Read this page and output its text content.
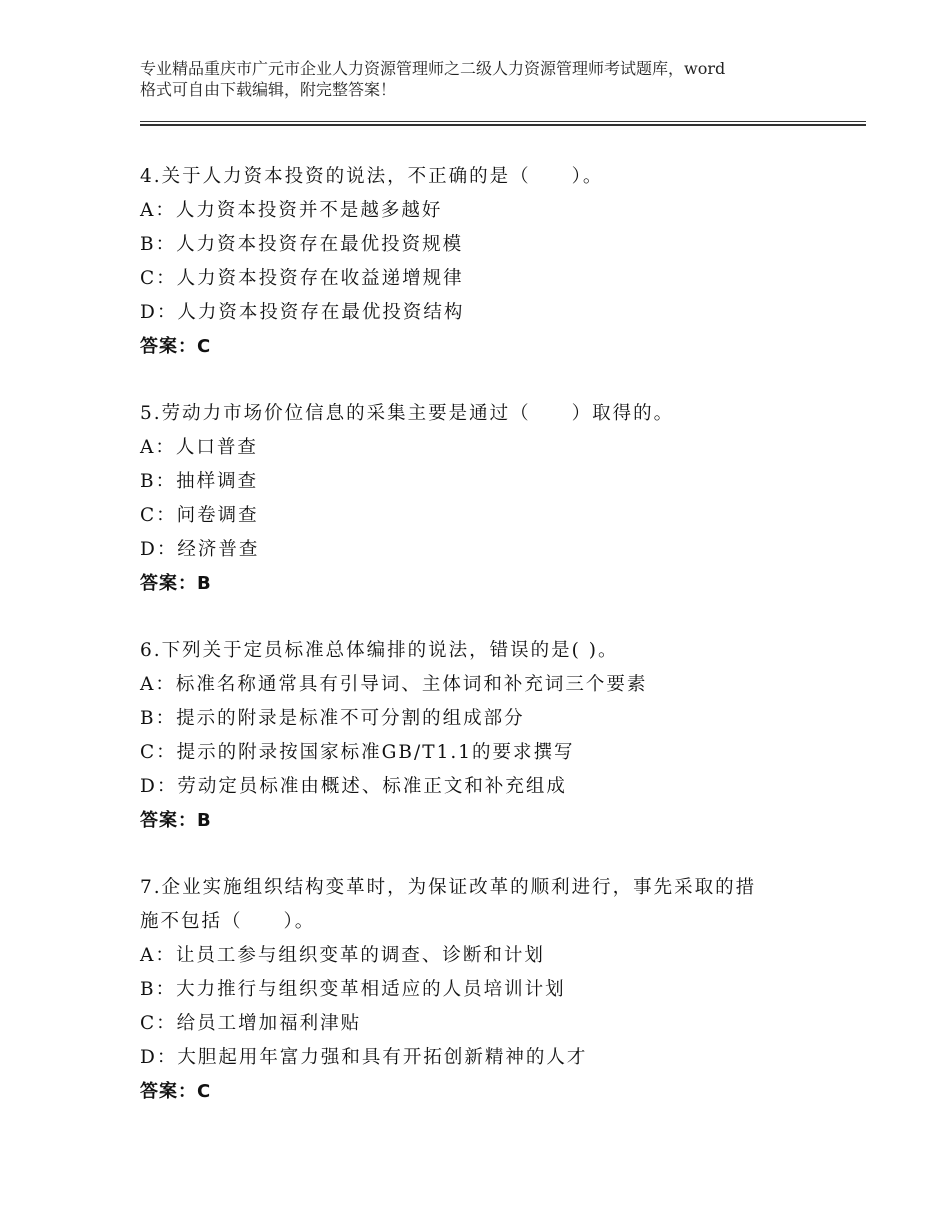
专业精品重庆市广元市企业人力资源管理师之二级人力资源管理师考试题库，word
格式可自由下载编辑，附完整答案！
4.关于人力资本投资的说法，不正确的是（　　）。
A：人力资本投资并不是越多越好
B：人力资本投资存在最优投资规模
C：人力资本投资存在收益递增规律
D：人力资本投资存在最优投资结构
答案：C
5.劳动力市场价位信息的采集主要是通过（　　）取得的。
A：人口普查
B：抽样调查
C：问卷调查
D：经济普查
答案：B
6.下列关于定员标准总体编排的说法，错误的是( )。
A：标准名称通常具有引导词、主体词和补充词三个要素
B：提示的附录是标准不可分割的组成部分
C：提示的附录按国家标准GB/T1.1的要求撰写
D：劳动定员标准由概述、标准正文和补充组成
答案：B
7.企业实施组织结构变革时，为保证改革的顺利进行，事先采取的措
施不包括（　　）。
A：让员工参与组织变革的调查、诊断和计划
B：大力推行与组织变革相适应的人员培训计划
C：给员工增加福利津贴
D：大胆起用年富力强和具有开拓创新精神的人才
答案：C
